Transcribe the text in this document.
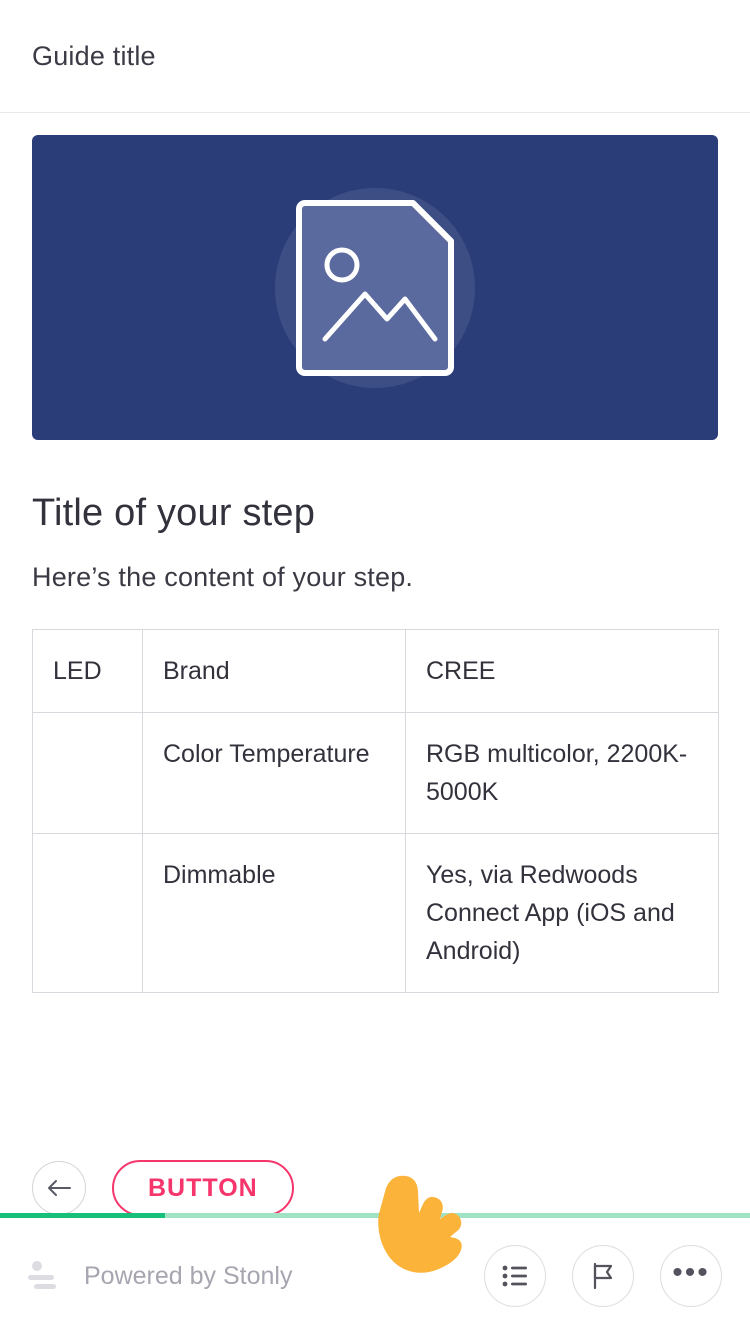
Guide title
Title of your step
Here’s the content of your step.
LED	Brand	CREE
	Color Temperature	RGB multicolor, 2200K-5000K
	Dimmable	Yes, via Redwoods Connect App (iOS and Android)
BUTTON
Powered by Stonly	•••
